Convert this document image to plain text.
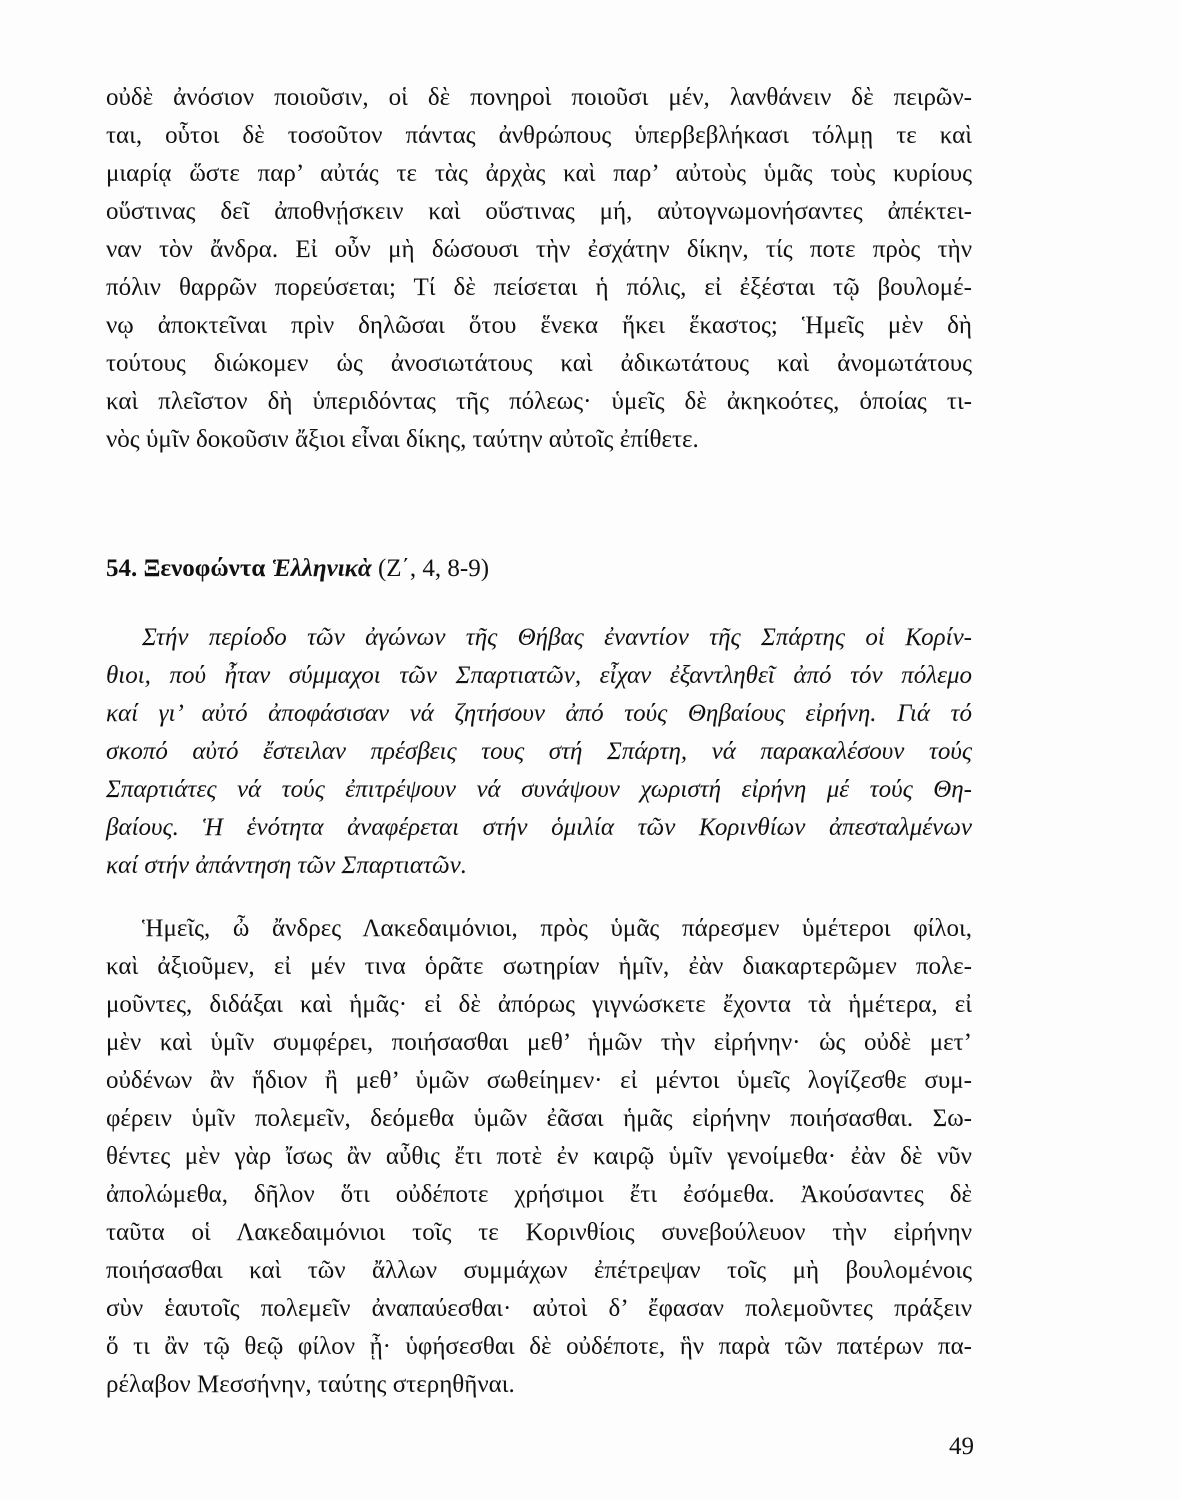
οὐδὲ ἀνόσιον ποιοῦσιν, οἱ δὲ πονηροὶ ποιοῦσι μέν, λανθάνειν δὲ πειρῶν-
ται, οὗτοι δὲ τοσοῦτον πάντας ἀνθρώπους ὑπερβεβλήκασι τόλμῃ τε καὶ
μιαρίᾳ ὥστε παρ’ αὐτάς τε τὰς ἀρχὰς καὶ παρ’ αὐτοὺς ὑμᾶς τοὺς κυρίους
οὕστινας δεῖ ἀποθνῄσκειν καὶ οὕστινας μή, αὐτογνωμονήσαντες ἀπέκτει-
ναν τὸν ἄνδρα. Εἰ οὖν μὴ δώσουσι τὴν ἐσχάτην δίκην, τίς ποτε πρὸς τὴν
πόλιν θαρρῶν πορεύσεται; Τί δὲ πείσεται ἡ πόλις, εἰ ἐξέσται τῷ βουλομέ-
νῳ ἀποκτεῖναι πρὶν δηλῶσαι ὅτου ἕνεκα ἥκει ἕκαστος; Ἡμεῖς μὲν δὴ
τούτους διώκομεν ὡς ἀνοσιωτάτους καὶ ἀδικωτάτους καὶ ἀνομωτάτους
καὶ πλεῖστον δὴ ὑπεριδόντας τῆς πόλεως· ὑμεῖς δὲ ἀκηκοότες, ὁποίας τι-
νὸς ὑμῖν δοκοῦσιν ἄξιοι εἶναι δίκης, ταύτην αὐτοῖς ἐπίθετε.
54. Ξενοφώντα Ἑλληνικὰ (Ζ΄, 4, 8-9)
Στήν περίοδο τῶν ἀγώνων τῆς Θήβας ἐναντίον τῆς Σπάρτης οἱ Κορίν-
θιοι, πού ἦταν σύμμαχοι τῶν Σπαρτιατῶν, εἶχαν ἐξαντληθεῖ ἀπό τόν πόλεμο
καί γι’ αὐτό ἀποφάσισαν νά ζητήσουν ἀπό τούς Θηβαίους εἰρήνη. Γιά τό
σκοπό αὐτό ἔστειλαν πρέσβεις τους στή Σπάρτη, νά παρακαλέσουν τούς
Σπαρτιάτες νά τούς ἐπιτρέψουν νά συνάψουν χωριστή εἰρήνη μέ τούς Θη-
βαίους. Ἡ ἑνότητα ἀναφέρεται στήν ὁμιλία τῶν Κορινθίων ἀπεσταλμένων
καί στήν ἀπάντηση τῶν Σπαρτιατῶν.
Ἡμεῖς, ὦ ἄνδρες Λακεδαιμόνιοι, πρὸς ὑμᾶς πάρεσμεν ὑμέτεροι φίλοι,
καὶ ἀξιοῦμεν, εἰ μέν τινα ὁρᾶτε σωτηρίαν ἡμῖν, ἐὰν διακαρτερῶμεν πολε-
μοῦντες, διδάξαι καὶ ἡμᾶς· εἰ δὲ ἀπόρως γιγνώσκετε ἔχοντα τὰ ἡμέτερα, εἰ
μὲν καὶ ὑμῖν συμφέρει, ποιήσασθαι μεθ’ ἡμῶν τὴν εἰρήνην· ὡς οὐδὲ μετ’
οὐδένων ἂν ἥδιον ἢ μεθ’ ὑμῶν σωθείημεν· εἰ μέντοι ὑμεῖς λογίζεσθε συμ-
φέρειν ὑμῖν πολεμεῖν, δεόμεθα ὑμῶν ἐᾶσαι ἡμᾶς εἰρήνην ποιήσασθαι. Σω-
θέντες μὲν γὰρ ἴσως ἂν αὖθις ἔτι ποτὲ ἐν καιρῷ ὑμῖν γενοίμεθα· ἐὰν δὲ νῦν
ἀπολώμεθα, δῆλον ὅτι οὐδέποτε χρήσιμοι ἔτι ἐσόμεθα. Ἀκούσαντες δὲ
ταῦτα οἱ Λακεδαιμόνιοι τοῖς τε Κορινθίοις συνεβούλευον τὴν εἰρήνην
ποιήσασθαι καὶ τῶν ἄλλων συμμάχων ἐπέτρεψαν τοῖς μὴ βουλομένοις
σὺν ἑαυτοῖς πολεμεῖν ἀναπαύεσθαι· αὐτοὶ δ’ ἔφασαν πολεμοῦντες πράξειν
ὅ τι ἂν τῷ θεῷ φίλον ᾖ· ὑφήσεσθαι δὲ οὐδέποτε, ἣν παρὰ τῶν πατέρων πα-
ρέλαβον Μεσσήνην, ταύτης στερηθῆναι.
49
